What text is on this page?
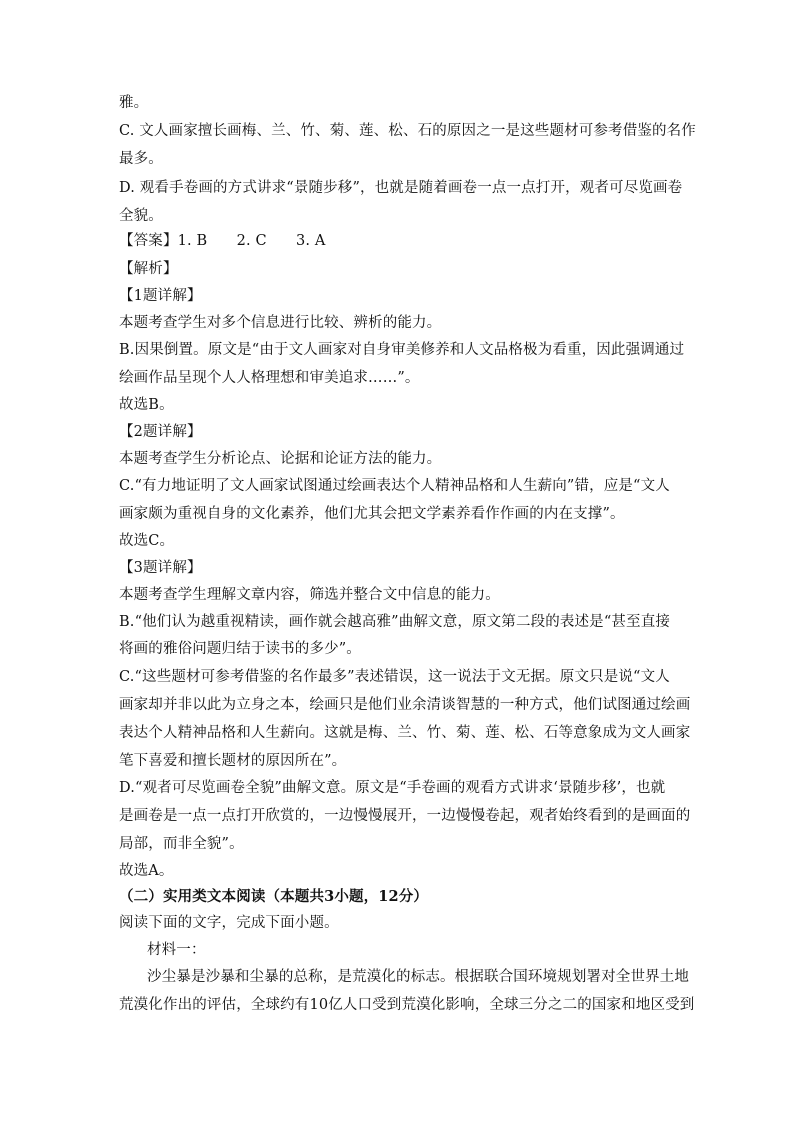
雅。
C. 文人画家擅长画梅、兰、竹、菊、莲、松、石的原因之一是这些题材可参考借鉴的名作
最多。
D. 观看手卷画的方式讲求“景随步移”，也就是随着画卷一点一点打开，观者可尽览画卷
全貌。
【答案】1. B　　2. C　　3. A
【解析】
【1题详解】
本题考查学生对多个信息进行比较、辨析的能力。
B.因果倒置。原文是“由于文人画家对自身审美修养和人文品格极为看重，因此强调通过
绘画作品呈现个人人格理想和审美追求……”。
故选B。
【2题详解】
本题考查学生分析论点、论据和论证方法的能力。
C.“有力地证明了文人画家试图通过绘画表达个人精神品格和人生薪向”错，应是“文人
画家颇为重视自身的文化素养，他们尤其会把文学素养看作作画的内在支撑”。
故选C。
【3题详解】
本题考查学生理解文章内容，筛选并整合文中信息的能力。
B.“他们认为越重视精读，画作就会越高雅”曲解文意，原文第二段的表述是“甚至直接
将画的雅俗问题归结于读书的多少”。
C.“这些题材可参考借鉴的名作最多”表述错误，这一说法于文无据。原文只是说“文人
画家却并非以此为立身之本，绘画只是他们业余清谈智慧的一种方式，他们试图通过绘画
表达个人精神品格和人生薪向。这就是梅、兰、竹、菊、莲、松、石等意象成为文人画家
笔下喜爱和擅长题材的原因所在”。
D.“观者可尽览画卷全貌”曲解文意。原文是“手卷画的观看方式讲求‘景随步移’，也就
是画卷是一点一点打开欣赏的，一边慢慢展开，一边慢慢卷起，观者始终看到的是画面的
局部，而非全貌”。
故选A。
（二）实用类文本阅读（本题共3小题，12分）
阅读下面的文字，完成下面小题。
材料一：
沙尘暴是沙暴和尘暴的总称，是荒漠化的标志。根据联合国环境规划署对全世界土地
荒漠化作出的评估，全球约有10亿人口受到荒漠化影响，全球三分之二的国家和地区受到
